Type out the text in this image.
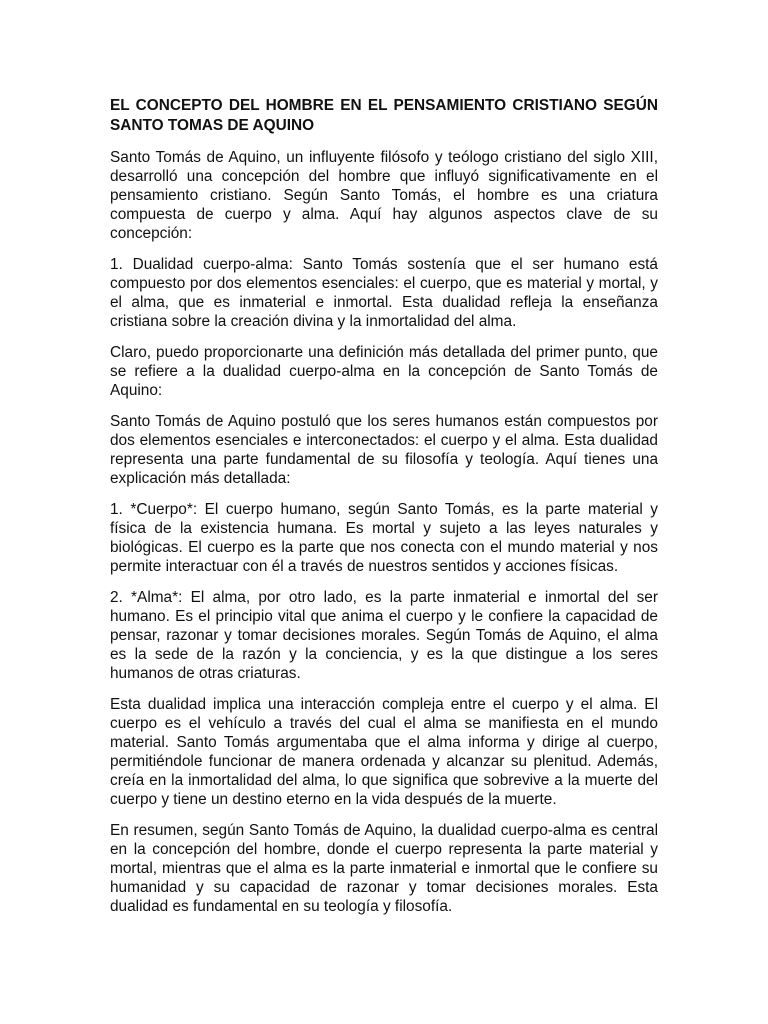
EL CONCEPTO DEL HOMBRE EN EL PENSAMIENTO CRISTIANO SEGÚN SANTO TOMAS DE AQUINO

Santo Tomás de Aquino, un influyente filósofo y teólogo cristiano del siglo XIII, desarrolló una concepción del hombre que influyó significativamente en el pensamiento cristiano. Según Santo Tomás, el hombre es una criatura compuesta de cuerpo y alma. Aquí hay algunos aspectos clave de su concepción:

1. Dualidad cuerpo-alma: Santo Tomás sostenía que el ser humano está compuesto por dos elementos esenciales: el cuerpo, que es material y mortal, y el alma, que es inmaterial e inmortal. Esta dualidad refleja la enseñanza cristiana sobre la creación divina y la inmortalidad del alma.

Claro, puedo proporcionarte una definición más detallada del primer punto, que se refiere a la dualidad cuerpo-alma en la concepción de Santo Tomás de Aquino:

Santo Tomás de Aquino postuló que los seres humanos están compuestos por dos elementos esenciales e interconectados: el cuerpo y el alma. Esta dualidad representa una parte fundamental de su filosofía y teología. Aquí tienes una explicación más detallada:

1. *Cuerpo*: El cuerpo humano, según Santo Tomás, es la parte material y física de la existencia humana. Es mortal y sujeto a las leyes naturales y biológicas. El cuerpo es la parte que nos conecta con el mundo material y nos permite interactuar con él a través de nuestros sentidos y acciones físicas.

2. *Alma*: El alma, por otro lado, es la parte inmaterial e inmortal del ser humano. Es el principio vital que anima el cuerpo y le confiere la capacidad de pensar, razonar y tomar decisiones morales. Según Tomás de Aquino, el alma es la sede de la razón y la conciencia, y es la que distingue a los seres humanos de otras criaturas.

Esta dualidad implica una interacción compleja entre el cuerpo y el alma. El cuerpo es el vehículo a través del cual el alma se manifiesta en el mundo material. Santo Tomás argumentaba que el alma informa y dirige al cuerpo, permitiéndole funcionar de manera ordenada y alcanzar su plenitud. Además, creía en la inmortalidad del alma, lo que significa que sobrevive a la muerte del cuerpo y tiene un destino eterno en la vida después de la muerte.

En resumen, según Santo Tomás de Aquino, la dualidad cuerpo-alma es central en la concepción del hombre, donde el cuerpo representa la parte material y mortal, mientras que el alma es la parte inmaterial e inmortal que le confiere su humanidad y su capacidad de razonar y tomar decisiones morales. Esta dualidad es fundamental en su teología y filosofía.
